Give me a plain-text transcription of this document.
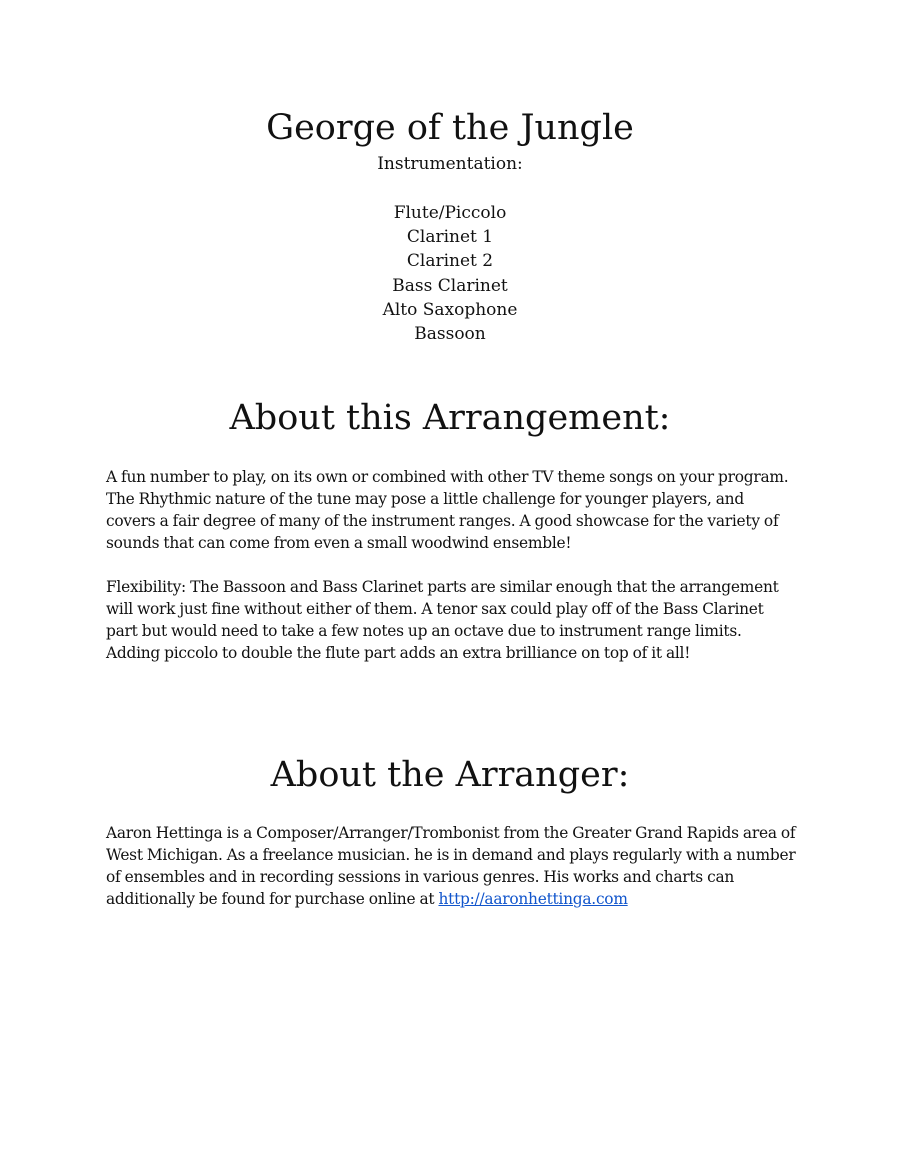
George of the Jungle

Instrumentation:

Flute/Piccolo
Clarinet 1
Clarinet 2
Bass Clarinet
Alto Saxophone
Bassoon
About this Arrangement:

A fun number to play, on its own or combined with other TV theme songs on your program. The Rhythmic nature of the tune may pose a little challenge for younger players, and covers a fair degree of many of the instrument ranges. A good showcase for the variety of sounds that can come from even a small woodwind ensemble!

Flexibility: The Bassoon and Bass Clarinet parts are similar enough that the arrangement will work just fine without either of them. A tenor sax could play off of the Bass Clarinet part but would need to take a few notes up an octave due to instrument range limits. Adding piccolo to double the flute part adds an extra brilliance on top of it all!

About the Arranger:

Aaron Hettinga is a Composer/Arranger/Trombonist from the Greater Grand Rapids area of West Michigan. As a freelance musician. he is in demand and plays regularly with a number of ensembles and in recording sessions in various genres. His works and charts can additionally be found for purchase online at http://aaronhettinga.com
